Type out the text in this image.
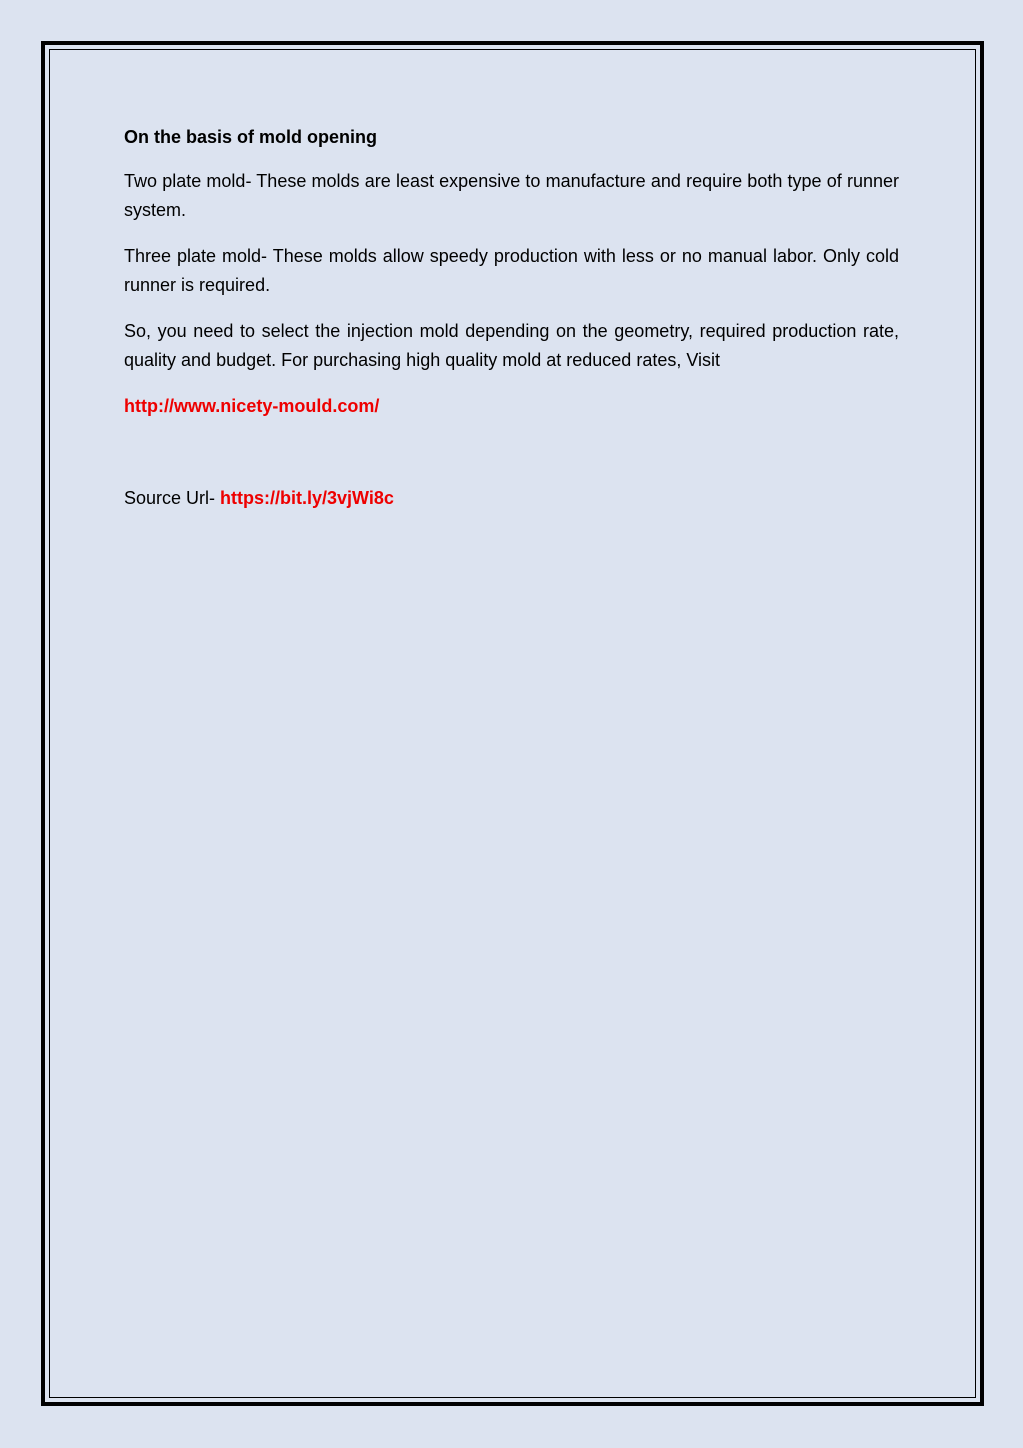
On the basis of mold opening

Two plate mold- These molds are least expensive to manufacture and require both type of runner system.

Three plate mold- These molds allow speedy production with less or no manual labor. Only cold runner is required.

So, you need to select the injection mold depending on the geometry, required production rate, quality and budget. For purchasing high quality mold at reduced rates, Visit

http://www.nicety-mould.com/

Source Url- https://bit.ly/3vjWi8c
